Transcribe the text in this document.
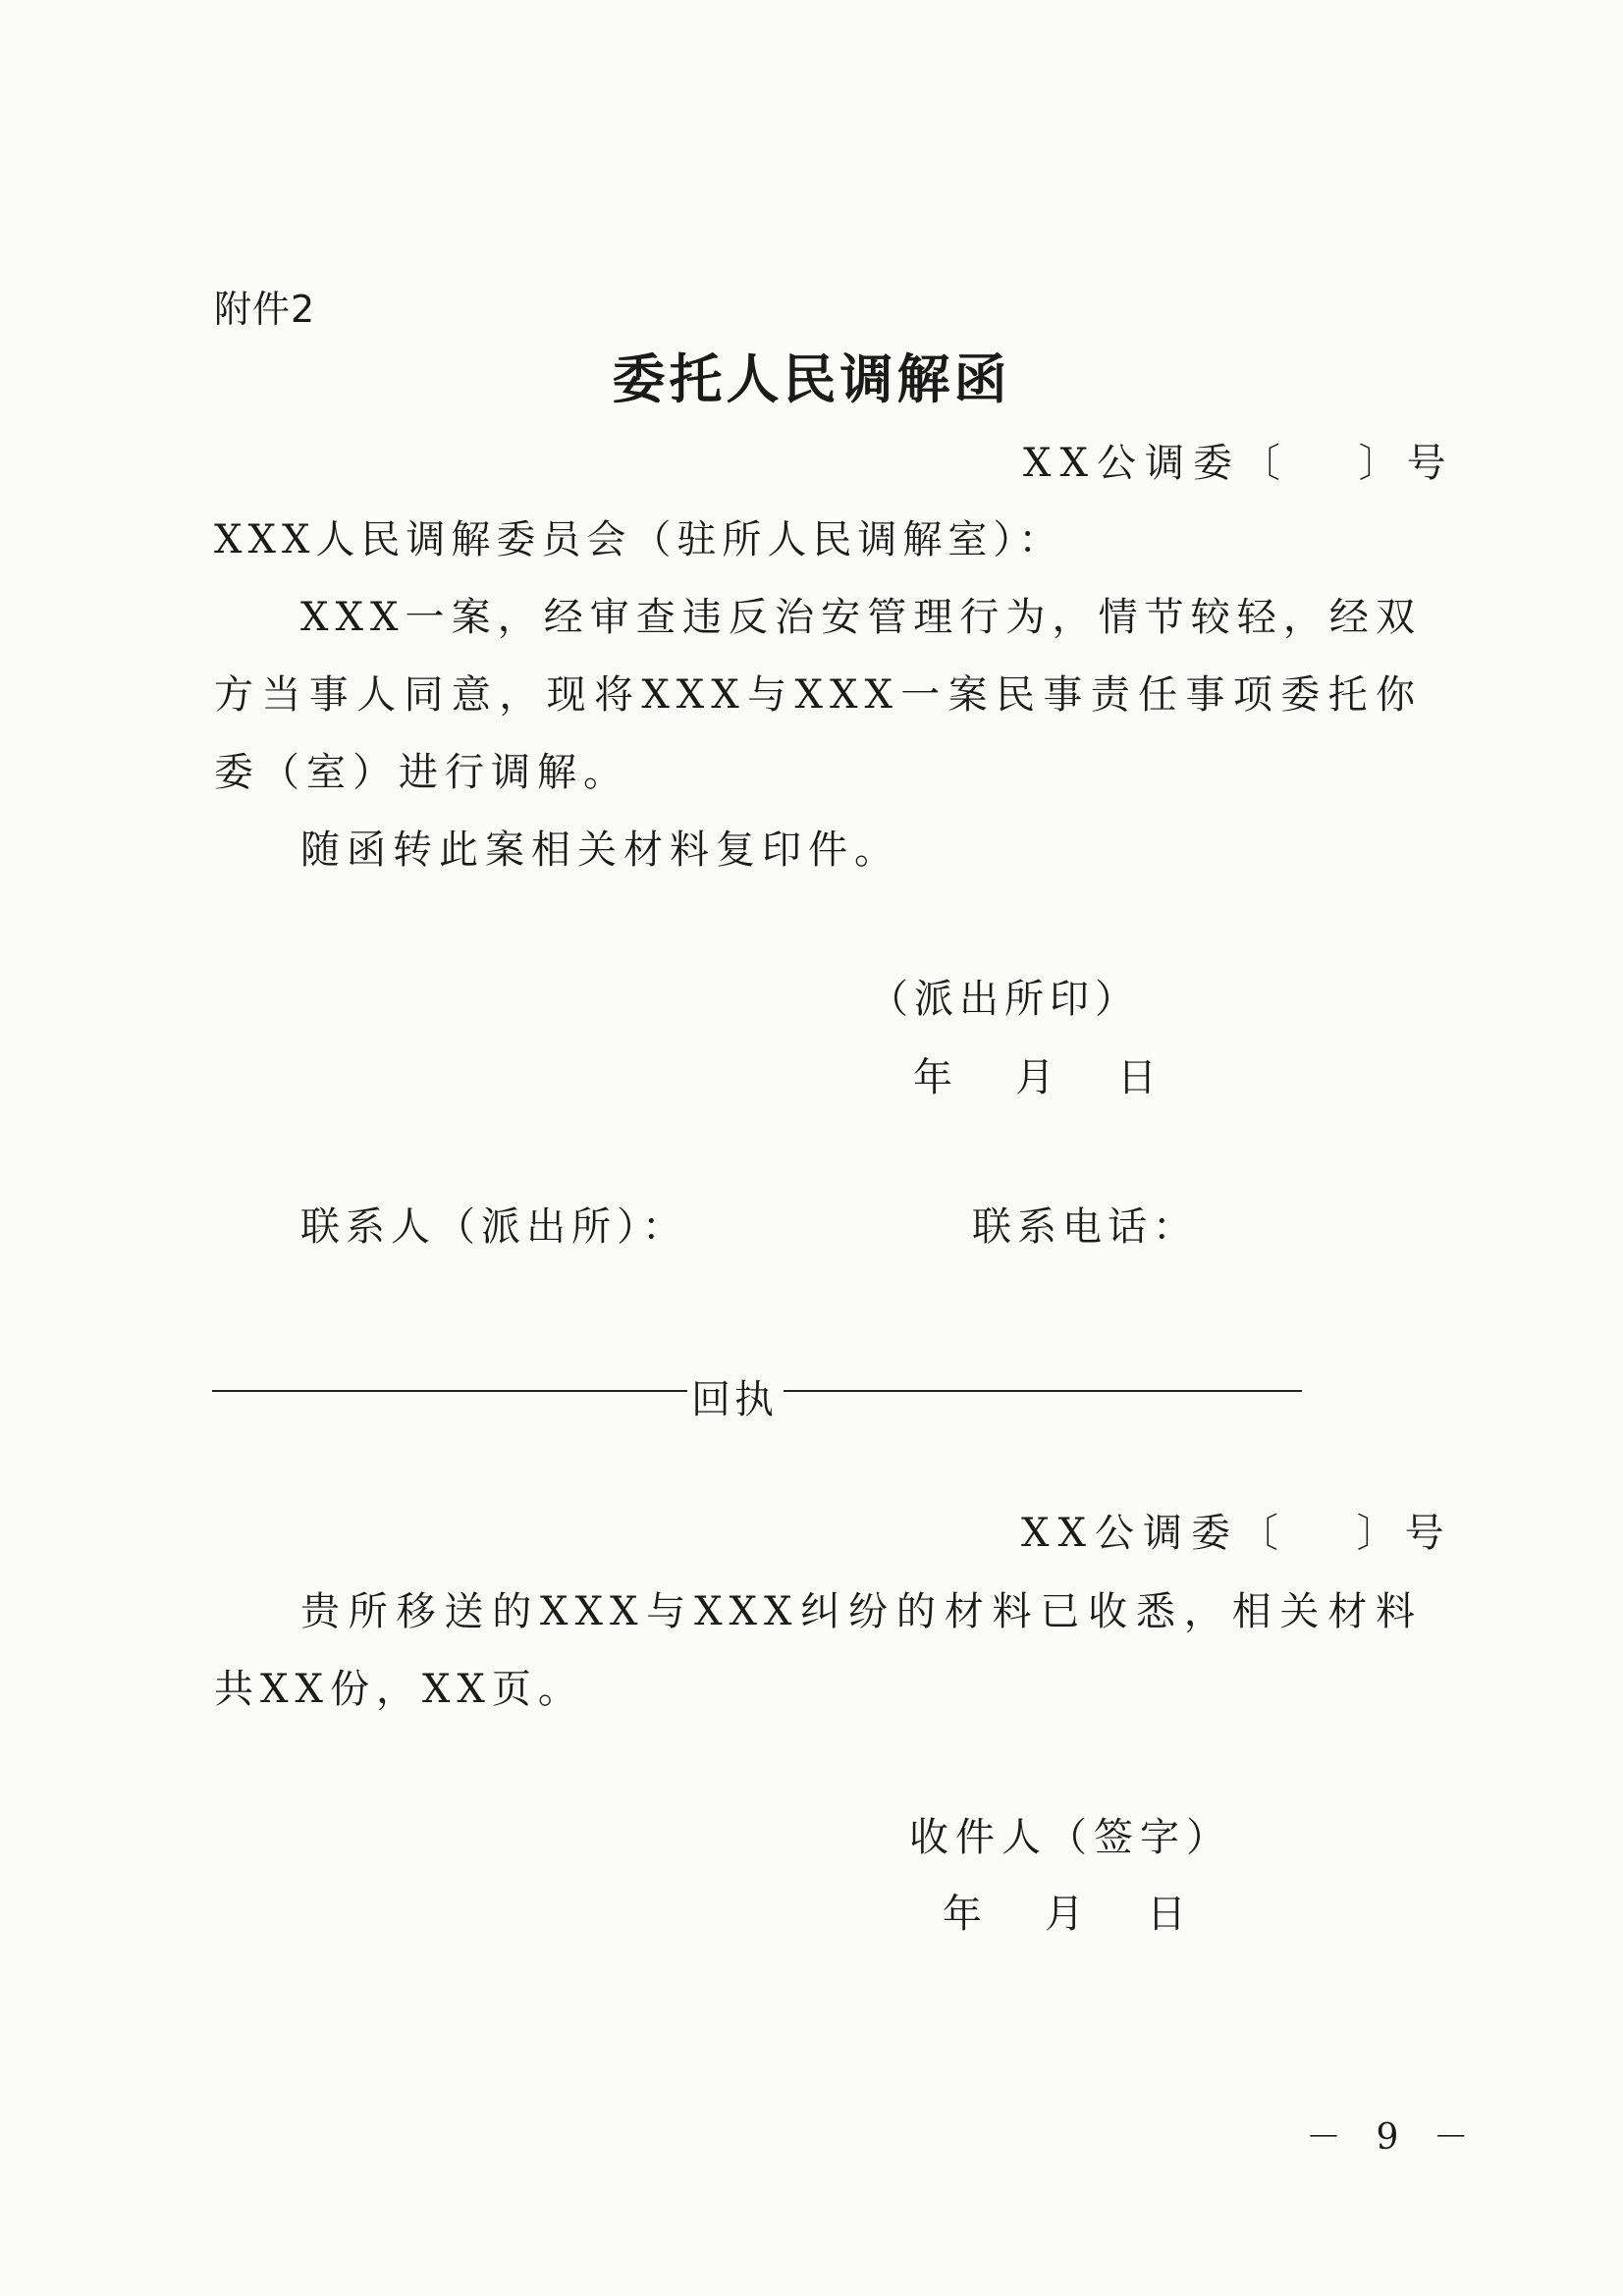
附件2
委托人民调解函
XX公调委〔　 〕号
XXX人民调解委员会（驻所人民调解室）：
XXX一案，经审查违反治安管理行为，情节较轻，经双方当事人同意，现将XXX与XXX一案民事责任事项委托你委（室）进行调解。
随函转此案相关材料复印件。
（派出所印）
年　月　日
联系人（派出所）：	联系电话：
回执
XX公调委〔　 〕号
贵所移送的XXX与XXX纠纷的材料已收悉，相关材料共XX份，XX页。
收件人（签字）
年　月　日
－ 9 －
